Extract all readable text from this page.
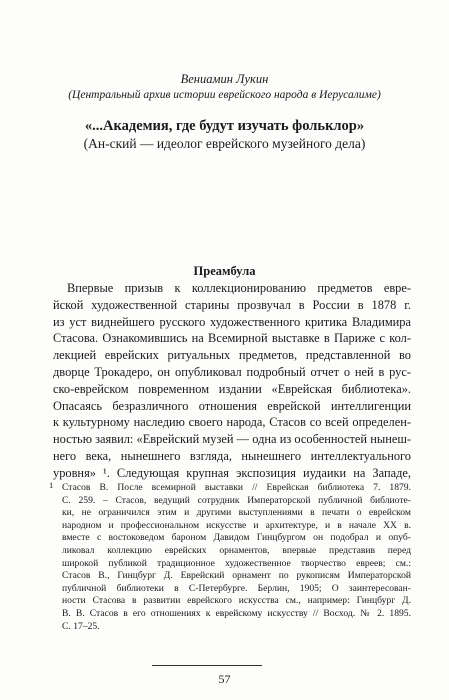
Вениамин Лукин
(Центральный архив истории еврейского народа в Иерусалиме)
«...Академия, где будут изучать фольклор»
(Ан-ский — идеолог еврейского музейного дела)
Преамбула
Впервые призыв к коллекционированию предметов евре-
йской художественной старины прозвучал в России в 1878 г.
из уст виднейшего русского художественного критика Владимира
Стасова. Ознакомившись на Всемирной выставке в Париже с кол-
лекцией еврейских ритуальных предметов, представленной во
дворце Трокадеро, он опубликовал подробный отчет о ней в рус-
ско-еврейском повременном издании «Еврейская библиотека».
Опасаясь безразличного отношения еврейской интеллигенции
к культурному наследию своего народа, Стасов со всей определен-
ностью заявил: «Еврейский музей — одна из особенностей нынеш-
него века, нынешнего взгляда, нынешнего интеллектуального
уровня» ¹. Следующая крупная экспозиция иудаики на Западе,
1 Стасов В. После всемирной выставки // Еврейская библиотека 7. 1879.
С. 259. – Стасов, ведущий сотрудник Императорской публичной библиоте-
ки, не ограничился этим и другими выступлениями в печати о еврейском
народном и профессиональном искусстве и архитектуре, и в начале XX в.
вместе с востоковедом бароном Давидом Гинцбургом он подобрал и опуб-
ликовал коллекцию еврейских орнаментов, впервые представив перед
широкой публикой традиционное художественное творчество евреев; см.:
Стасов В., Гинцбург Д. Еврейский орнамент по рукописям Императорской
публичной библиотеки в С-Петербурге. Берлин, 1905; О заинтересован-
ности Стасова в развитии еврейского искусства см., например: Гинцбург Д.
В. В. Стасов в его отношениях к еврейскому искусству // Восход. № 2. 1895.
С. 17–25.
57
